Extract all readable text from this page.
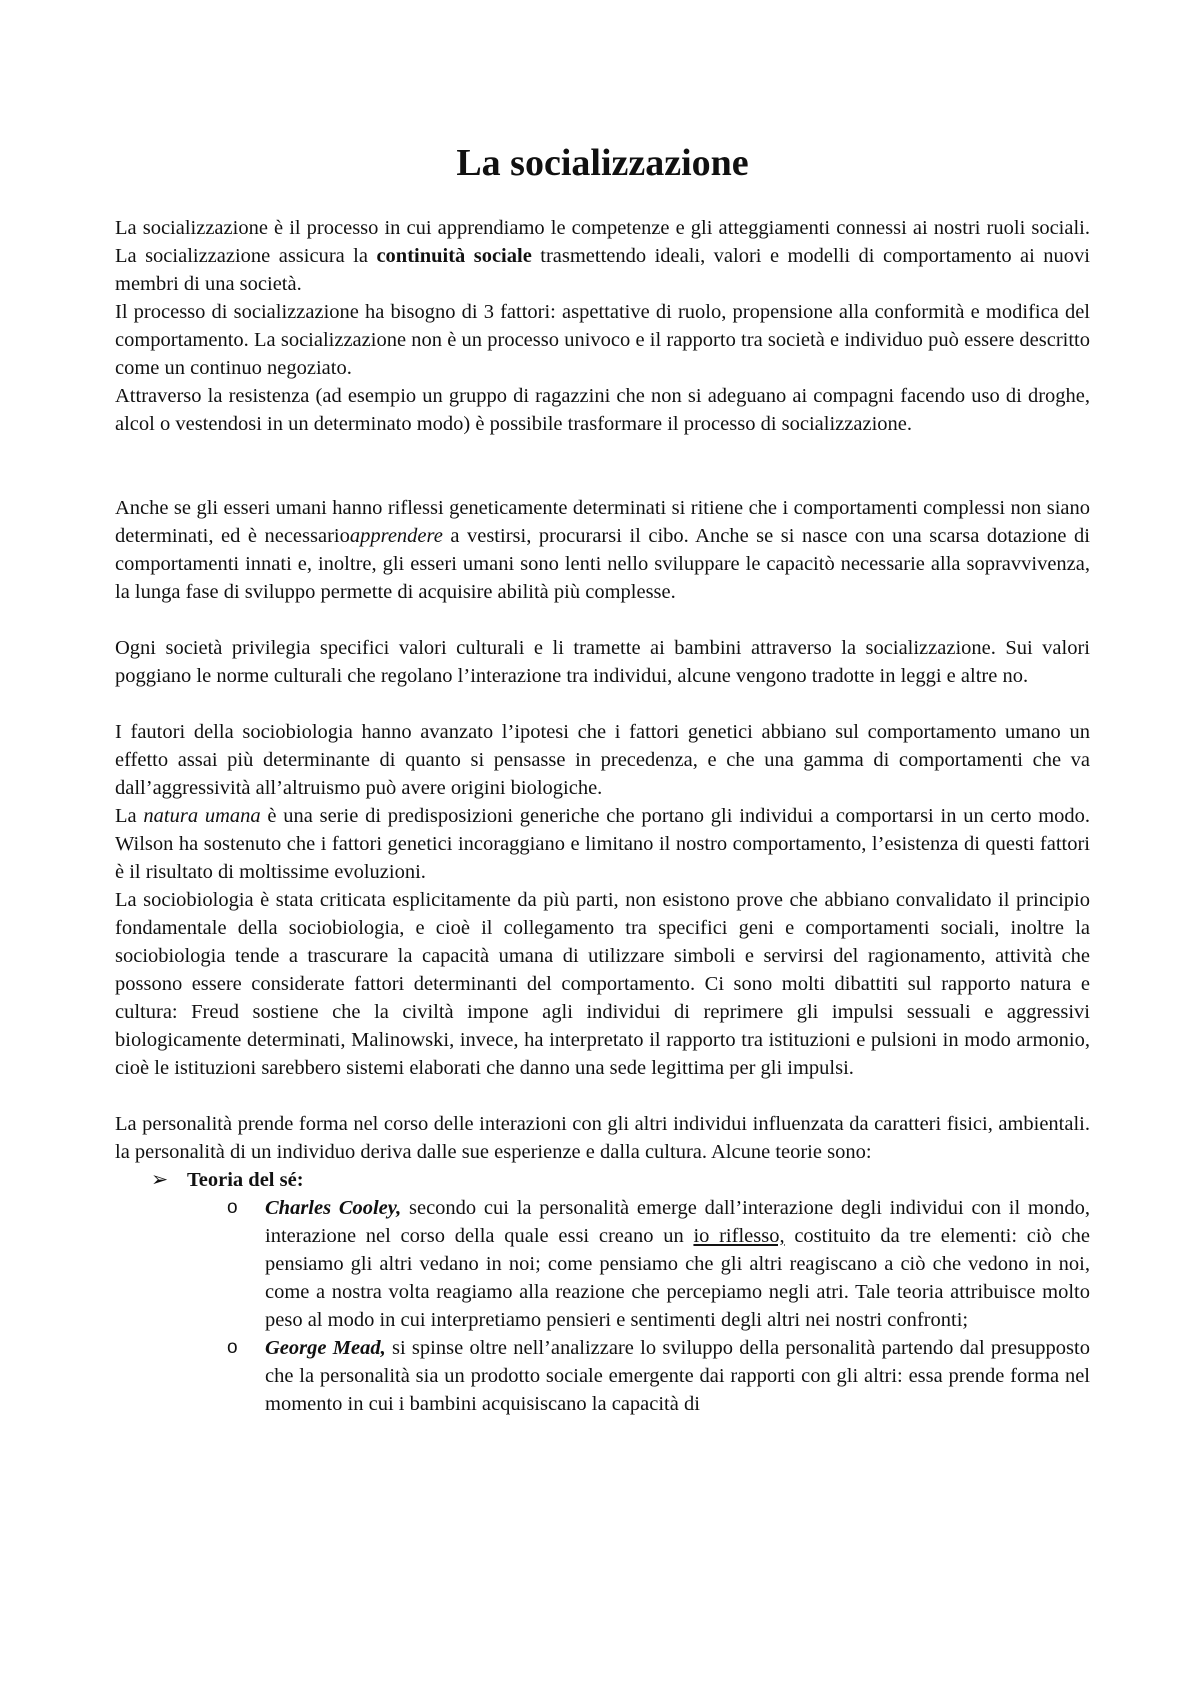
La socializzazione

La socializzazione è il processo in cui apprendiamo le competenze e gli atteggiamenti connessi ai nostri ruoli sociali. La socializzazione assicura la continuità sociale trasmettendo ideali, valori e modelli di comportamento ai nuovi membri di una società.

Il processo di socializzazione ha bisogno di 3 fattori: aspettative di ruolo, propensione alla conformità e modifica del comportamento. La socializzazione non è un processo univoco e il rapporto tra società e individuo può essere descritto come un continuo negoziato.

Attraverso la resistenza (ad esempio un gruppo di ragazzini che non si adeguano ai compagni facendo uso di droghe, alcol o vestendosi in un determinato modo) è possibile trasformare il processo di socializzazione.

Anche se gli esseri umani hanno riflessi geneticamente determinati si ritiene che i comportamenti complessi non siano determinati, ed è necessarioapprendere a vestirsi, procurarsi il cibo. Anche se si nasce con una scarsa dotazione di comportamenti innati e, inoltre, gli esseri umani sono lenti nello sviluppare le capacitò necessarie alla sopravvivenza, la lunga fase di sviluppo permette di acquisire abilità più complesse.

Ogni società privilegia specifici valori culturali e li tramette ai bambini attraverso la socializzazione. Sui valori poggiano le norme culturali che regolano l’interazione tra individui, alcune vengono tradotte in leggi e altre no.

I fautori della sociobiologia hanno avanzato l’ipotesi che i fattori genetici abbiano sul comportamento umano un effetto assai più determinante di quanto si pensasse in precedenza, e che una gamma di comportamenti che va dall’aggressività all’altruismo può avere origini biologiche.

La natura umana è una serie di predisposizioni generiche che portano gli individui a comportarsi in un certo modo. Wilson ha sostenuto che i fattori genetici incoraggiano e limitano il nostro comportamento, l’esistenza di questi fattori è il risultato di moltissime evoluzioni.

La sociobiologia è stata criticata esplicitamente da più parti, non esistono prove che abbiano convalidato il principio fondamentale della sociobiologia, e cioè il collegamento tra specifici geni e comportamenti sociali, inoltre la sociobiologia tende a trascurare la capacità umana di utilizzare simboli e servirsi del ragionamento, attività che possono essere considerate fattori determinanti del comportamento. Ci sono molti dibattiti sul rapporto natura e cultura: Freud sostiene che la civiltà impone agli individui di reprimere gli impulsi sessuali e aggressivi biologicamente determinati, Malinowski, invece, ha interpretato il rapporto tra istituzioni e pulsioni in modo armonio, cioè le istituzioni sarebbero sistemi elaborati che danno una sede legittima per gli impulsi.

La personalità prende forma nel corso delle interazioni con gli altri individui influenzata da caratteri fisici, ambientali. la personalità di un individuo deriva dalle sue esperienze e dalla cultura. Alcune teorie sono:

➢ Teoria del sé:
o Charles Cooley, secondo cui la personalità emerge dall’interazione degli individui con il mondo, interazione nel corso della quale essi creano un io riflesso, costituito da tre elementi: ciò che pensiamo gli altri vedano in noi; come pensiamo che gli altri reagiscano a ciò che vedono in noi, come a nostra volta reagiamo alla reazione che percepiamo negli atri. Tale teoria attribuisce molto peso al modo in cui interpretiamo pensieri e sentimenti degli altri nei nostri confronti;
o George Mead, si spinse oltre nell’analizzare lo sviluppo della personalità partendo dal presupposto che la personalità sia un prodotto sociale emergente dai rapporti con gli altri: essa prende forma nel momento in cui i bambini acquisiscano la capacità di
